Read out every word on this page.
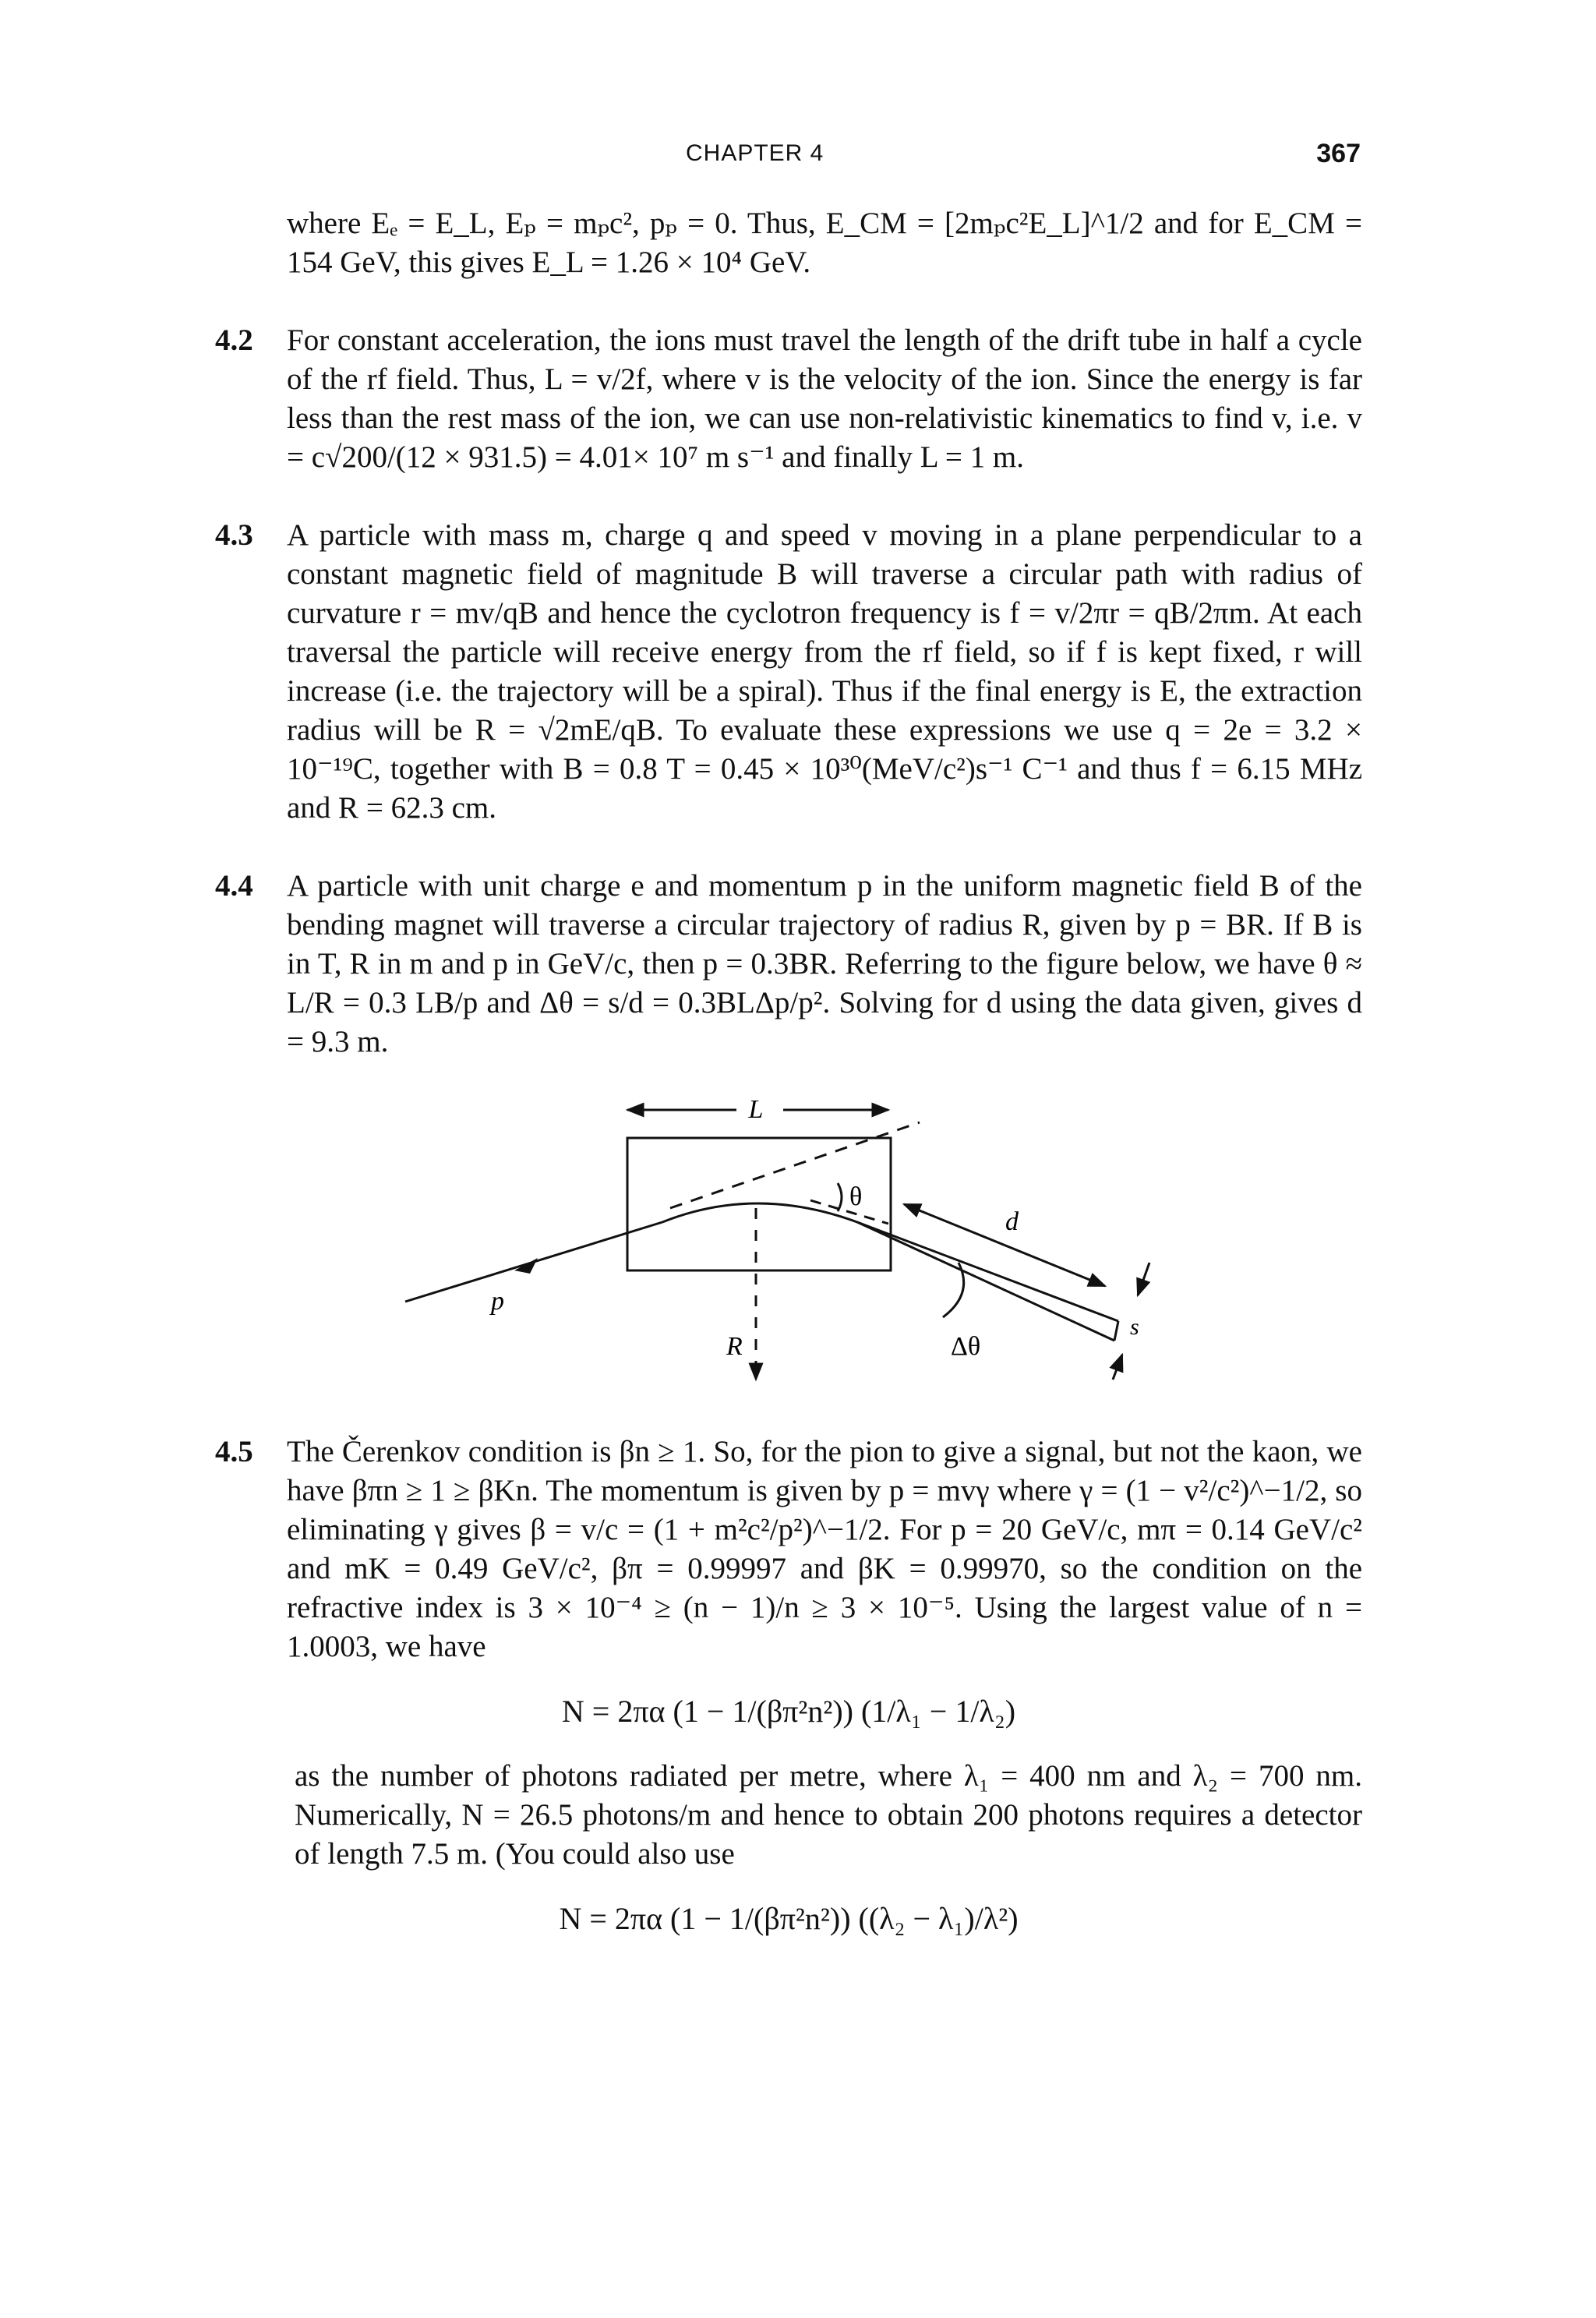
CHAPTER 4	367
where Eₑ = E_L, Eₚ = mₚc², pₚ = 0. Thus, E_CM = [2mₚc²E_L]^1/2 and for E_CM = 154 GeV, this gives E_L = 1.26 × 10⁴ GeV.
4.2 For constant acceleration, the ions must travel the length of the drift tube in half a cycle of the rf field. Thus, L = v/2f, where v is the velocity of the ion. Since the energy is far less than the rest mass of the ion, we can use non-relativistic kinematics to find v, i.e. v = c√200/(12 × 931.5) = 4.01× 10⁷ m s⁻¹ and finally L = 1 m.
4.3 A particle with mass m, charge q and speed v moving in a plane perpendicular to a constant magnetic field of magnitude B will traverse a circular path with radius of curvature r = mv/qB and hence the cyclotron frequency is f = v/2πr = qB/2πm. At each traversal the particle will receive energy from the rf field, so if f is kept fixed, r will increase (i.e. the trajectory will be a spiral). Thus if the final energy is E, the extraction radius will be R = √2mE/qB. To evaluate these expressions we use q = 2e = 3.2 × 10⁻¹⁹C, together with B = 0.8 T = 0.45 × 10³⁰(MeV/c²)s⁻¹ C⁻¹ and thus f = 6.15 MHz and R = 62.3 cm.
4.4 A particle with unit charge e and momentum p in the uniform magnetic field B of the bending magnet will traverse a circular trajectory of radius R, given by p = BR. If B is in T, R in m and p in GeV/c, then p = 0.3BR. Referring to the figure below, we have θ ≈ L/R = 0.3 LB/p and Δθ = s/d = 0.3BLΔp/p². Solving for d using the data given, gives d = 9.3 m.
L
θ
R
p
d
Δθ
s
4.5 The Čerenkov condition is βn ≥ 1. So, for the pion to give a signal, but not the kaon, we have βπn ≥ 1 ≥ βKn. The momentum is given by p = mvγ where γ = (1 − v²/c²)^−1/2, so eliminating γ gives β = v/c = (1 + m²c²/p²)^−1/2. For p = 20 GeV/c, mπ = 0.14 GeV/c² and mK = 0.49 GeV/c², βπ = 0.99997 and βK = 0.99970, so the condition on the refractive index is 3 × 10⁻⁴ ≥ (n − 1)/n ≥ 3 × 10⁻⁵. Using the largest value of n = 1.0003, we have
N = 2πα (1 − 1/(βπ²n²)) (1/λ₁ − 1/λ₂)
as the number of photons radiated per metre, where λ₁ = 400 nm and λ₂ = 700 nm. Numerically, N = 26.5 photons/m and hence to obtain 200 photons requires a detector of length 7.5 m. (You could also use
N = 2πα (1 − 1/(βπ²n²)) ((λ₂ − λ₁)/λ²)
